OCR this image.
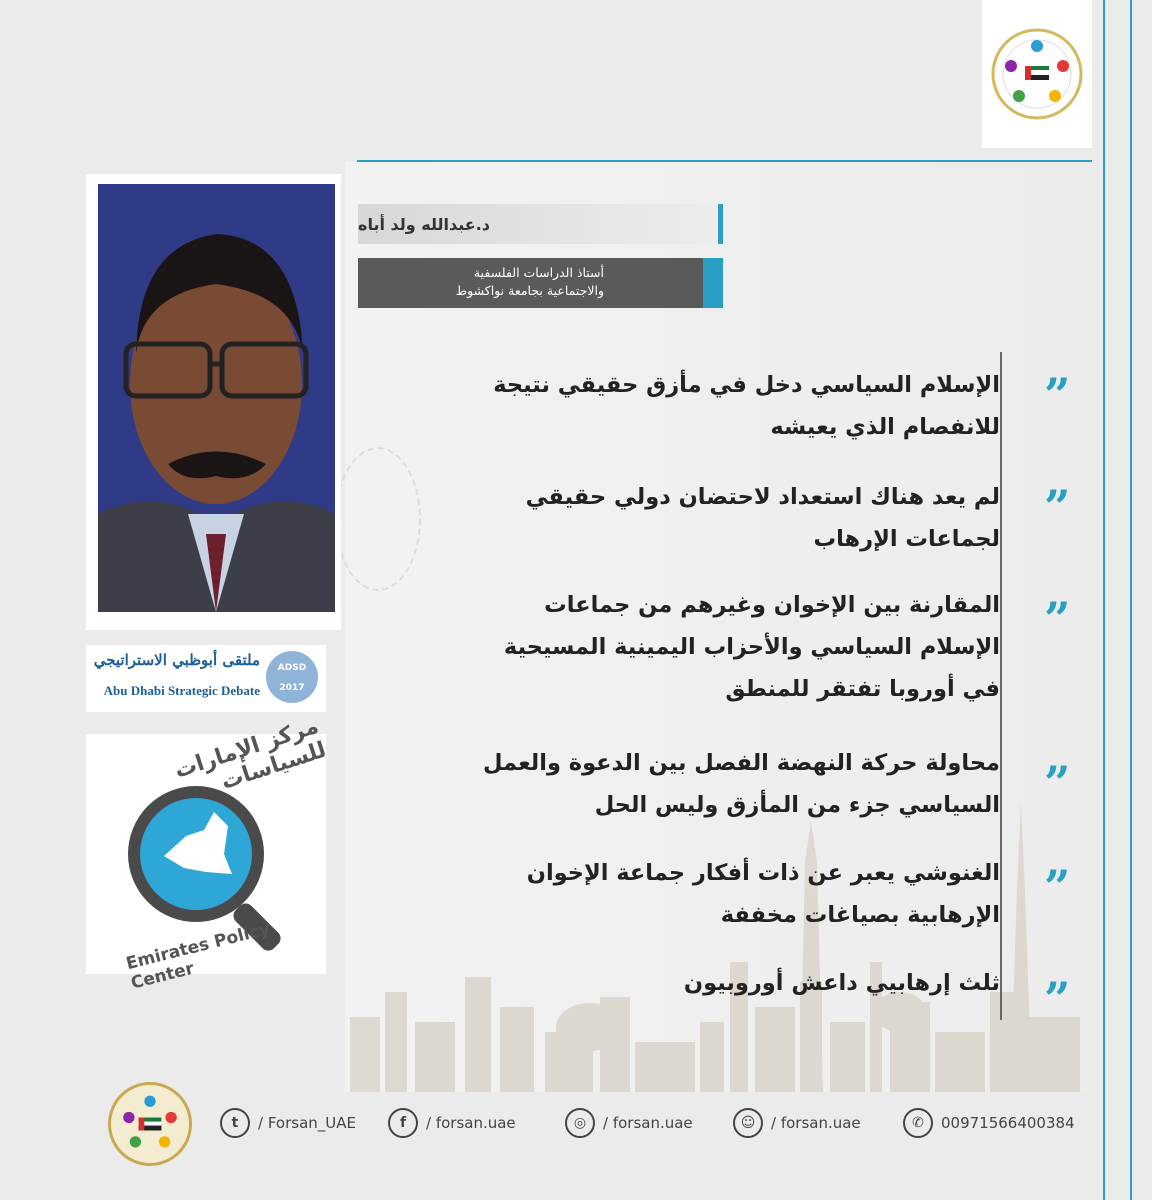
د.عبدالله ولد أباه
أستاذ الدراسات الفلسفية
والاجتماعية بجامعة نواكشوط
”
الإسلام السياسي دخل في مأزق حقيقي نتيجة
للانفصام الذي يعيشه
”
لم يعد هناك استعداد لاحتضان دولي حقيقي
لجماعات الإرهاب
”
المقارنة بين الإخوان وغيرهم من جماعات
الإسلام السياسي والأحزاب اليمينية المسيحية
في أوروبا تفتقر للمنطق
”
محاولة حركة النهضة الفصل بين الدعوة والعمل
السياسي جزء من المأزق وليس الحل
”
الغنوشي يعبر عن ذات أفكار جماعة الإخوان
الإرهابية بصياغات مخففة
”
ثلث إرهابيي داعش أوروبيون
ADSD
2017
ملتقى أبوظبي الاستراتيجي
Abu Dhabi Strategic Debate
مركز الإمارات للسياسات
Emirates Policy Center
t	/ Forsan_UAE	f	/ forsan.uae	◎	/ forsan.uae	☺	/ forsan.uae	✆	00971566400384
